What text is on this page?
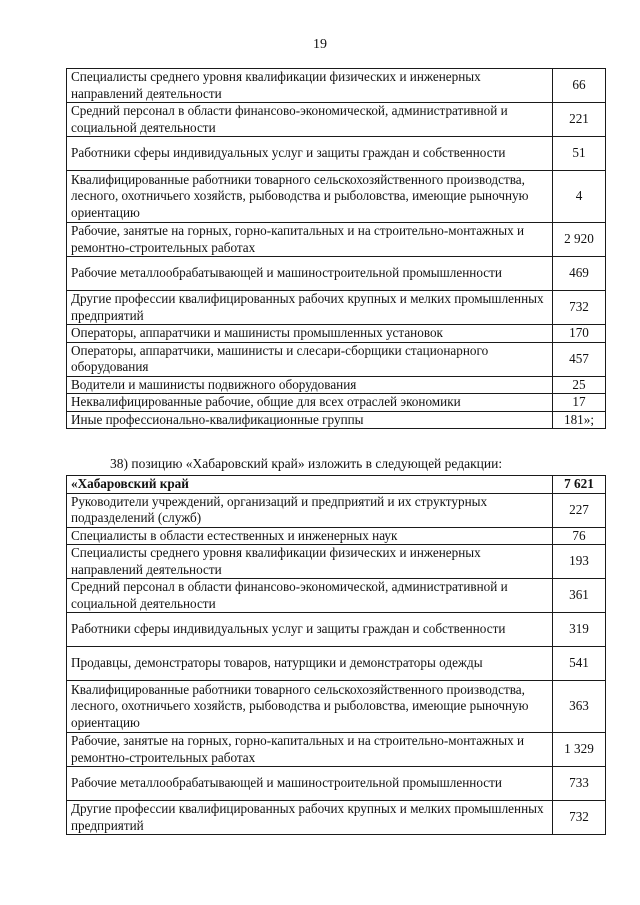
19
Специалисты среднего уровня квалификации физических и инженерных направлений деятельности	66
Средний персонал в области финансово-экономической, административной и социальной деятельности	221
Работники сферы индивидуальных услуг и защиты граждан и собственности	51
Квалифицированные работники товарного сельскохозяйственного производства, лесного, охотничьего хозяйств, рыбоводства и рыболовства, имеющие рыночную ориентацию	4
Рабочие, занятые на горных, горно-капитальных и на строительно-монтажных и ремонтно-строительных работах	2 920
Рабочие металлообрабатывающей и машиностроительной промышленности	469
Другие профессии квалифицированных рабочих крупных и мелких промышленных предприятий	732
Операторы, аппаратчики и машинисты промышленных установок	170
Операторы, аппаратчики, машинисты и слесари-сборщики стационарного оборудования	457
Водители и машинисты подвижного оборудования	25
Неквалифицированные рабочие, общие для всех отраслей экономики	17
Иные профессионально-квалификационные группы	181»;
38) позицию «Хабаровский край» изложить в следующей редакции:
«Хабаровский край	7 621
Руководители учреждений, организаций и предприятий и их структурных подразделений (служб)	227
Специалисты в области естественных и инженерных наук	76
Специалисты среднего уровня квалификации физических и инженерных направлений деятельности	193
Средний персонал в области финансово-экономической, административной и социальной деятельности	361
Работники сферы индивидуальных услуг и защиты граждан и собственности	319
Продавцы, демонстраторы товаров, натурщики и демонстраторы одежды	541
Квалифицированные работники товарного сельскохозяйственного производства, лесного, охотничьего хозяйств, рыбоводства и рыболовства, имеющие рыночную ориентацию	363
Рабочие, занятые на горных, горно-капитальных и на строительно-монтажных и ремонтно-строительных работах	1 329
Рабочие металлообрабатывающей и машиностроительной промышленности	733
Другие профессии квалифицированных рабочих крупных и мелких промышленных предприятий	732
